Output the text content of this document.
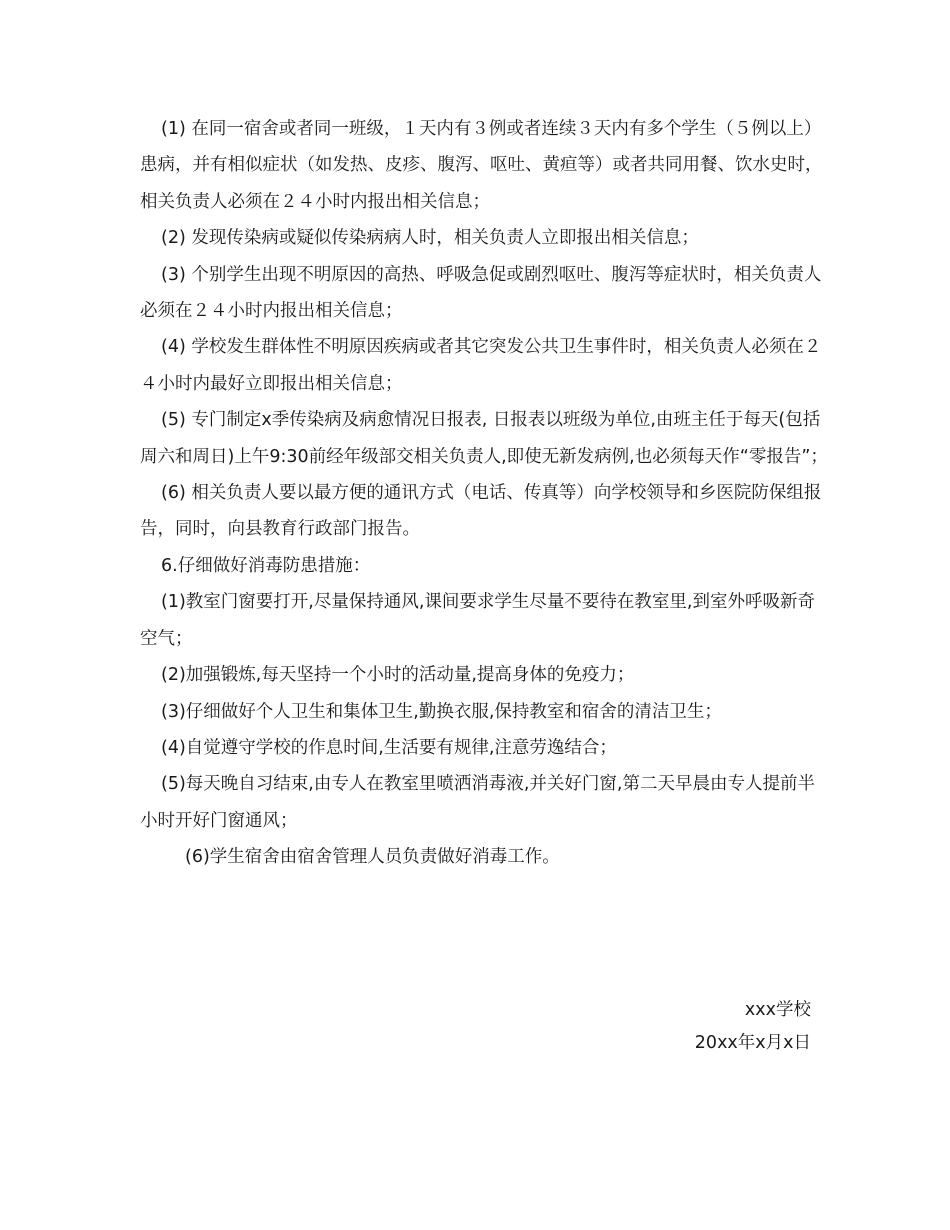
(1) 在同一宿舍或者同一班级，１天内有３例或者连续３天内有多个学生（５例以上）患病，并有相似症状（如发热、皮疹、腹泻、呕吐、黄疸等）或者共同用餐、饮水史时，相关负责人必须在２４小时内报出相关信息；

(2) 发现传染病或疑似传染病病人时，相关负责人立即报出相关信息；

(3) 个别学生出现不明原因的高热、呼吸急促或剧烈呕吐、腹泻等症状时，相关负责人必须在２４小时内报出相关信息；

(4) 学校发生群体性不明原因疾病或者其它突发公共卫生事件时，相关负责人必须在２４小时内最好立即报出相关信息；

(5) 专门制定x季传染病及病愈情况日报表, 日报表以班级为单位,由班主任于每天(包括周六和周日)上午9:30前经年级部交相关负责人,即使无新发病例,也必须每天作“零报告”；

(6) 相关负责人要以最方便的通讯方式（电话、传真等）向学校领导和乡医院防保组报告，同时，向县教育行政部门报告。

6.仔细做好消毒防患措施：

(1)教室门窗要打开,尽量保持通风,课间要求学生尽量不要待在教室里,到室外呼吸新奇空气；

(2)加强锻炼,每天坚持一个小时的活动量,提高身体的免疫力；

(3)仔细做好个人卫生和集体卫生,勤换衣服,保持教室和宿舍的清洁卫生；

(4)自觉遵守学校的作息时间,生活要有规律,注意劳逸结合；

(5)每天晚自习结束,由专人在教室里喷洒消毒液,并关好门窗,第二天早晨由专人提前半小时开好门窗通风；

(6)学生宿舍由宿舍管理人员负责做好消毒工作。

xxx学校
20xx年x月x日
